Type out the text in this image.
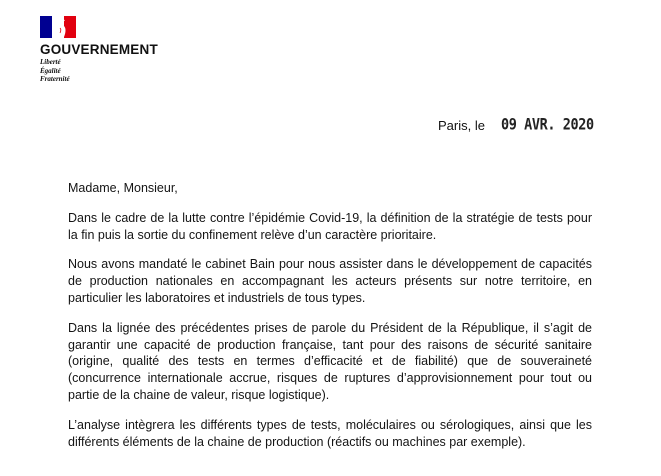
GOUVERNEMENT
Liberté
Égalité
Fraternité
Paris, le 09 AVR. 2020

Madame, Monsieur,

Dans le cadre de la lutte contre l’épidémie Covid-19, la définition de la stratégie de tests pour la fin puis la sortie du confinement relève d’un caractère prioritaire.

Nous avons mandaté le cabinet Bain pour nous assister dans le développement de capacités de production nationales en accompagnant les acteurs présents sur notre territoire, en particulier les laboratoires et industriels de tous types.

Dans la lignée des précédentes prises de parole du Président de la République, il s’agit de garantir une capacité de production française, tant pour des raisons de sécurité sanitaire (origine, qualité des tests en termes d’efficacité et de fiabilité) que de souveraineté (concurrence internationale accrue, risques de ruptures d’approvisionnement pour tout ou partie de la chaine de valeur, risque logistique).

L’analyse intègrera les différents types de tests, moléculaires ou sérologiques, ainsi que les différents éléments de la chaine de production (réactifs ou machines par exemple).
